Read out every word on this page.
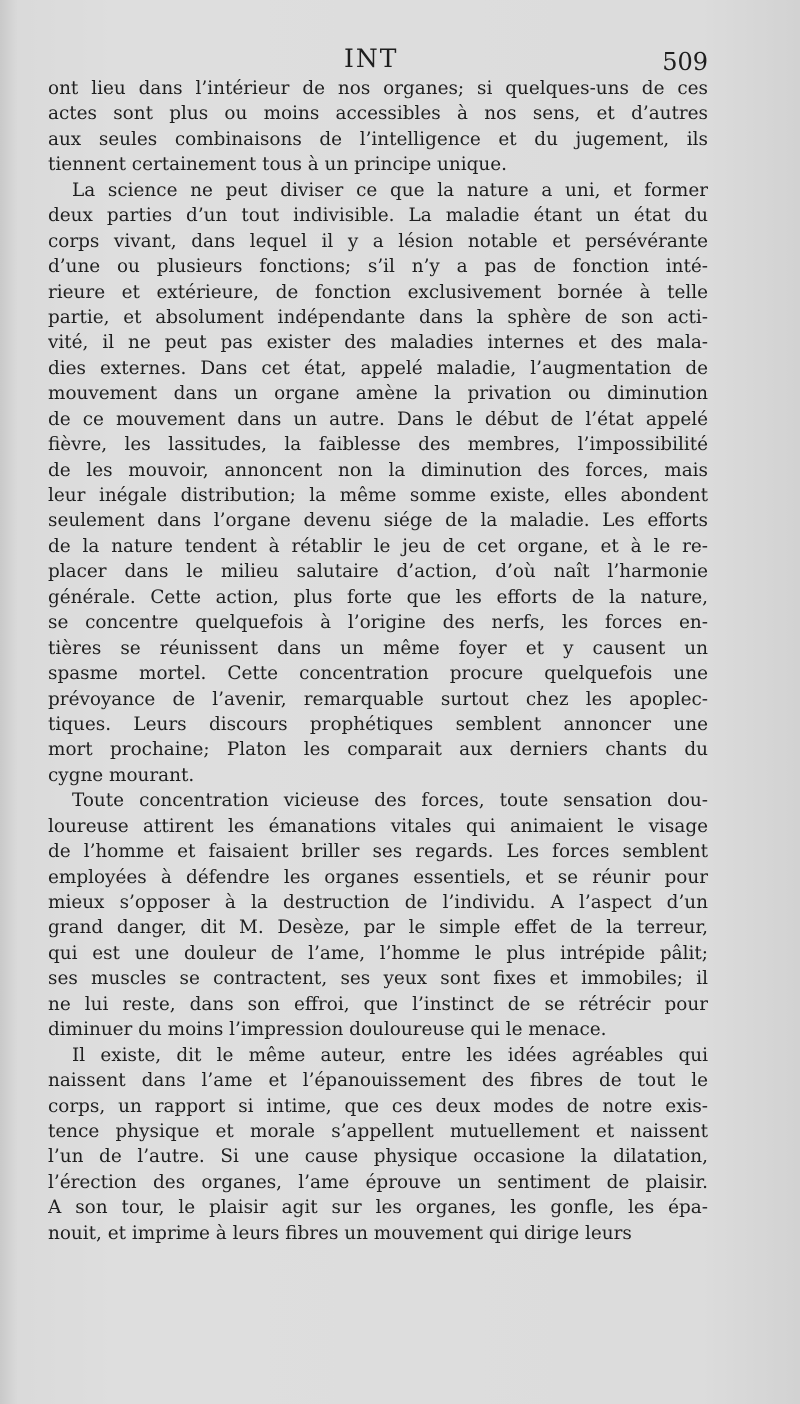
INT	509
ont lieu dans l’intérieur de nos organes; si quelques-uns de ces
actes sont plus ou moins accessibles à nos sens, et d’autres
aux seules combinaisons de l’intelligence et du jugement, ils
tiennent certainement tous à un principe unique.
La science ne peut diviser ce que la nature a uni, et former
deux parties d’un tout indivisible. La maladie étant un état du
corps vivant, dans lequel il y a lésion notable et persévérante
d’une ou plusieurs fonctions; s’il n’y a pas de fonction inté-
rieure et extérieure, de fonction exclusivement bornée à telle
partie, et absolument indépendante dans la sphère de son acti-
vité, il ne peut pas exister des maladies internes et des mala-
dies externes. Dans cet état, appelé maladie, l’augmentation de
mouvement dans un organe amène la privation ou diminution
de ce mouvement dans un autre. Dans le début de l’état appelé
fièvre, les lassitudes, la faiblesse des membres, l’impossibilité
de les mouvoir, annoncent non la diminution des forces, mais
leur inégale distribution; la même somme existe, elles abondent
seulement dans l’organe devenu siége de la maladie. Les efforts
de la nature tendent à rétablir le jeu de cet organe, et à le re-
placer dans le milieu salutaire d’action, d’où naît l’harmonie
générale. Cette action, plus forte que les efforts de la nature,
se concentre quelquefois à l’origine des nerfs, les forces en-
tières se réunissent dans un même foyer et y causent un
spasme mortel. Cette concentration procure quelquefois une
prévoyance de l’avenir, remarquable surtout chez les apoplec-
tiques. Leurs discours prophétiques semblent annoncer une
mort prochaine; Platon les comparait aux derniers chants du
cygne mourant.
Toute concentration vicieuse des forces, toute sensation dou-
loureuse attirent les émanations vitales qui animaient le visage
de l’homme et faisaient briller ses regards. Les forces semblent
employées à défendre les organes essentiels, et se réunir pour
mieux s’opposer à la destruction de l’individu. A l’aspect d’un
grand danger, dit M. Desèze, par le simple effet de la terreur,
qui est une douleur de l’ame, l’homme le plus intrépide pâlit;
ses muscles se contractent, ses yeux sont fixes et immobiles; il
ne lui reste, dans son effroi, que l’instinct de se rétrécir pour
diminuer du moins l’impression douloureuse qui le menace.
Il existe, dit le même auteur, entre les idées agréables qui
naissent dans l’ame et l’épanouissement des fibres de tout le
corps, un rapport si intime, que ces deux modes de notre exis-
tence physique et morale s’appellent mutuellement et naissent
l’un de l’autre. Si une cause physique occasione la dilatation,
l’érection des organes, l’ame éprouve un sentiment de plaisir.
A son tour, le plaisir agit sur les organes, les gonfle, les épa-
nouit, et imprime à leurs fibres un mouvement qui dirige leurs
